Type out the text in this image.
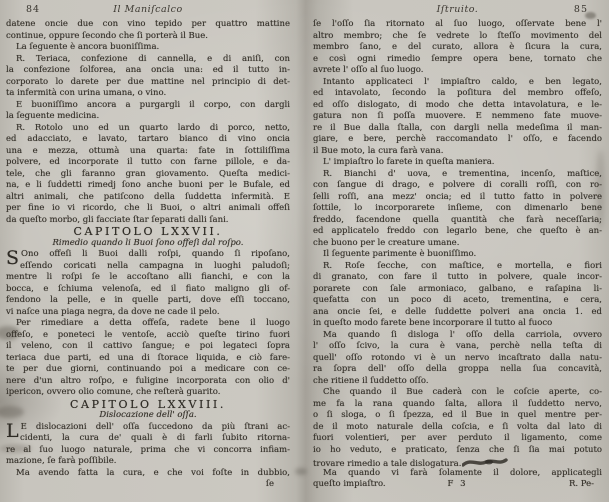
84	Il Maniſcalco
datene oncie due con vino tepido per quattro mattine
continue, oppure ſecondo che ſi porterà il Bue.
La ſeguente è ancora buoniſſima.
R. Teriaca, confezione di cannella, e di aniſi, con
la confezione ſolforea, ana oncia una: ed il tutto in-
corporato lo darete per due mattine nel principio di det-
ta infermità con urina umana, o vino.
E buoniſſimo ancora a purgargli il corpo, con dargli
la ſeguente medicina.
R. Rotolo uno ed un quarto lardo di porco, netto,
ed adacciato, e lavato, tartaro bianco di vino oncia
una e mezza, ottumà una quarta: fate in ſottiliſſima
polvere, ed incorporate il tutto con farne pillole, e da-
tele, che gli faranno gran giovamento. Queſta medici-
na, e li ſuddetti rimedj ſono anche buoni per le Bufale, ed
altri animali, che patiſcono della ſuddetta infermità. E
per fine io vi ricordo, che li Buoi, o altri animali offeſi
da queſto morbo, gli facciate ſtar ſeparati dalli ſani.
CAPITOLO LXXVII.
Rimedio quando li Buoi ſono offeſi dal roſpo.
S Ono offeſi li Buoi dalli roſpi, quando ſi ripoſano,
eſſendo coricati nella campagna in luoghi paludoſi;
mentre li roſpi ſe le accoſtano alli fianchi, e con la
bocca, e ſchiuma velenoſa, ed il fiato maligno gli of-
fendono la pelle, e in quelle parti, dove eſſi toccano,
vi naſce una piaga negra, da dove ne cade il pelo.
Per rimediare a detta offeſa, radete bene il luogo
offeſo, e poneteci le ventoſe, acciò queſte tirino fuori
il veleno, con il cattivo ſangue; e poi legateci ſopra
teriaca due parti, ed una di ſtorace liquida, e ciò fare-
te per due giorni, continuando poi a medicare con ce-
nere d'un altro roſpo, e fuligine incorporata con olio d'
ipericon, ovvero olio comune, che reſterà guarito.
CAPITOLO LXXVIII.
Dislocazione dell' oſſa.
L E dislocazioni dell' oſſa ſuccedono da più ſtrani ac-
cidenti, la cura de' quali è di farli ſubito ritorna-
re al ſuo luogo naturale, prima che vi concorra infiam-
mazione, ſe farà poſſibile.
Ma avendo fatta la cura, e che voi foſte in dubbio,
ſe
Iſtruito.	85
ſe l'oſſo ſia ritornato al ſuo luogo, oſſervate bene l'
altro membro; che ſe vedrete lo ſteſſo movimento del
membro ſano, e del curato, allora è ſicura la cura,
e così ogni rimedio ſempre opera bene, tornato che
avrete l' oſſo al ſuo luogo.
Intanto applicateci l' impiaſtro caldo, e ben legato,
ed intavolato, ſecondo la poſitura del membro offeſo,
ed oſſo dislogato, di modo che detta intavolatura, e le-
gatura non ſi poſſa muovere. E nemmeno fate muove-
re il Bue dalla ſtalla, con dargli nella medeſima il man-
giare, e bere, perchè raccomandato l' oſſo, e facendo
il Bue moto, la cura farà vana.
L' impiaſtro lo farete in queſta maniera.
R. Bianchi d' uova, e trementina, incenſo, maſtice,
con ſangue di drago, e polvere di coralli roſſi, con ro-
ſelli roſſi, ana mezz' oncia; ed il tutto fatto in polvere
ſottile, lo incorporarete inſieme, con dimenarlo bene
freddo, facendone quella quantità che farà neceſſaria;
ed applicatelo freddo con legarlo bene, che queſto è an-
che buono per le creature umane.
Il ſeguente parimente è buoniſſimo.
R. Roſe ſecche, con maſtice, e mortella, e fiori
di granato, con fare il tutto in polvere, quale incor-
porarete con ſale armoniaco, galbano, e raſapina li-
quefatta con un poco di aceto, trementina, e cera,
ana oncie ſei, e delle ſuddette polveri ana oncia 1. ed
in queſto modo farete bene incorporare il tutto al fuoco
Ma quando ſi disloga l' oſſo della carriola, ovvero
l' oſſo ſcivo, la cura è vana, perchè nella teſta di
quell' oſſo rotondo vi è un nervo incaſtrato dalla natu-
ra ſopra dell' oſſo della groppa nella ſua concavità,
che ritiene il ſuddetto oſſo.
Che quando il Bue caderà con le coſcie aperte, co-
me fa la rana quando ſalta, allora il ſuddetto nervo,
o ſi sloga, o ſi ſpezza, ed il Bue in quel mentre per-
de il moto naturale della coſcia, e ſi volta dal lato di
fuori volentieri, per aver perduto il ligamento, come
io ho veduto, e praticato, ſenza che ſi ſia mai potuto
trovare rimedio a tale dislogatura.
Ma quando vi farà ſolamente il dolore, applicategli
queſto impiaſtro.	F 3	R. Pe-
